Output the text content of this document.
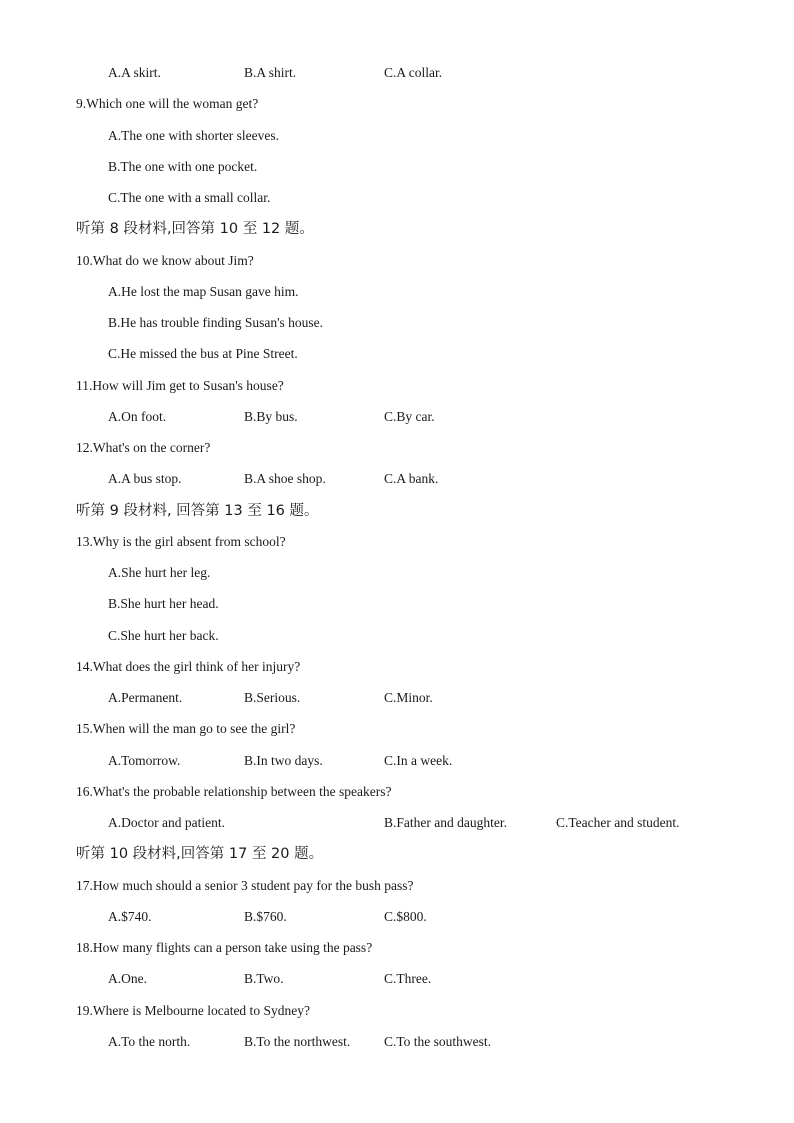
A.A skirt.	B.A shirt.	C.A collar.
9.Which one will the woman get?
A.The one with shorter sleeves.
B.The one with one pocket.
C.The one with a small collar.
听第 8 段材料,回答第 10 至 12 题。
10.What do we know about Jim?
A.He lost the map Susan gave him.
B.He has trouble finding Susan's house.
C.He missed the bus at Pine Street.
11.How will Jim get to Susan's house?
A.On foot.	B.By bus.	C.By car.
12.What's on the corner?
A.A bus stop.	B.A shoe shop.	C.A bank.
听第 9 段材料, 回答第 13 至 16 题。
13.Why is the girl absent from school?
A.She hurt her leg.
B.She hurt her head.
C.She hurt her back.
14.What does the girl think of her injury?
A.Permanent.	B.Serious.	C.Minor.
15.When will the man go to see the girl?
A.Tomorrow.	B.In two days.	C.In a week.
16.What's the probable relationship between the speakers?
A.Doctor and patient.	B.Father and daughter.	C.Teacher and student.
听第 10 段材料,回答第 17 至 20 题。
17.How much should a senior 3 student pay for the bush pass?
A.$740.	B.$760.	C.$800.
18.How many flights can a person take using the pass?
A.One.	B.Two.	C.Three.
19.Where is Melbourne located to Sydney?
A.To the north.	B.To the northwest. C.To the southwest.
